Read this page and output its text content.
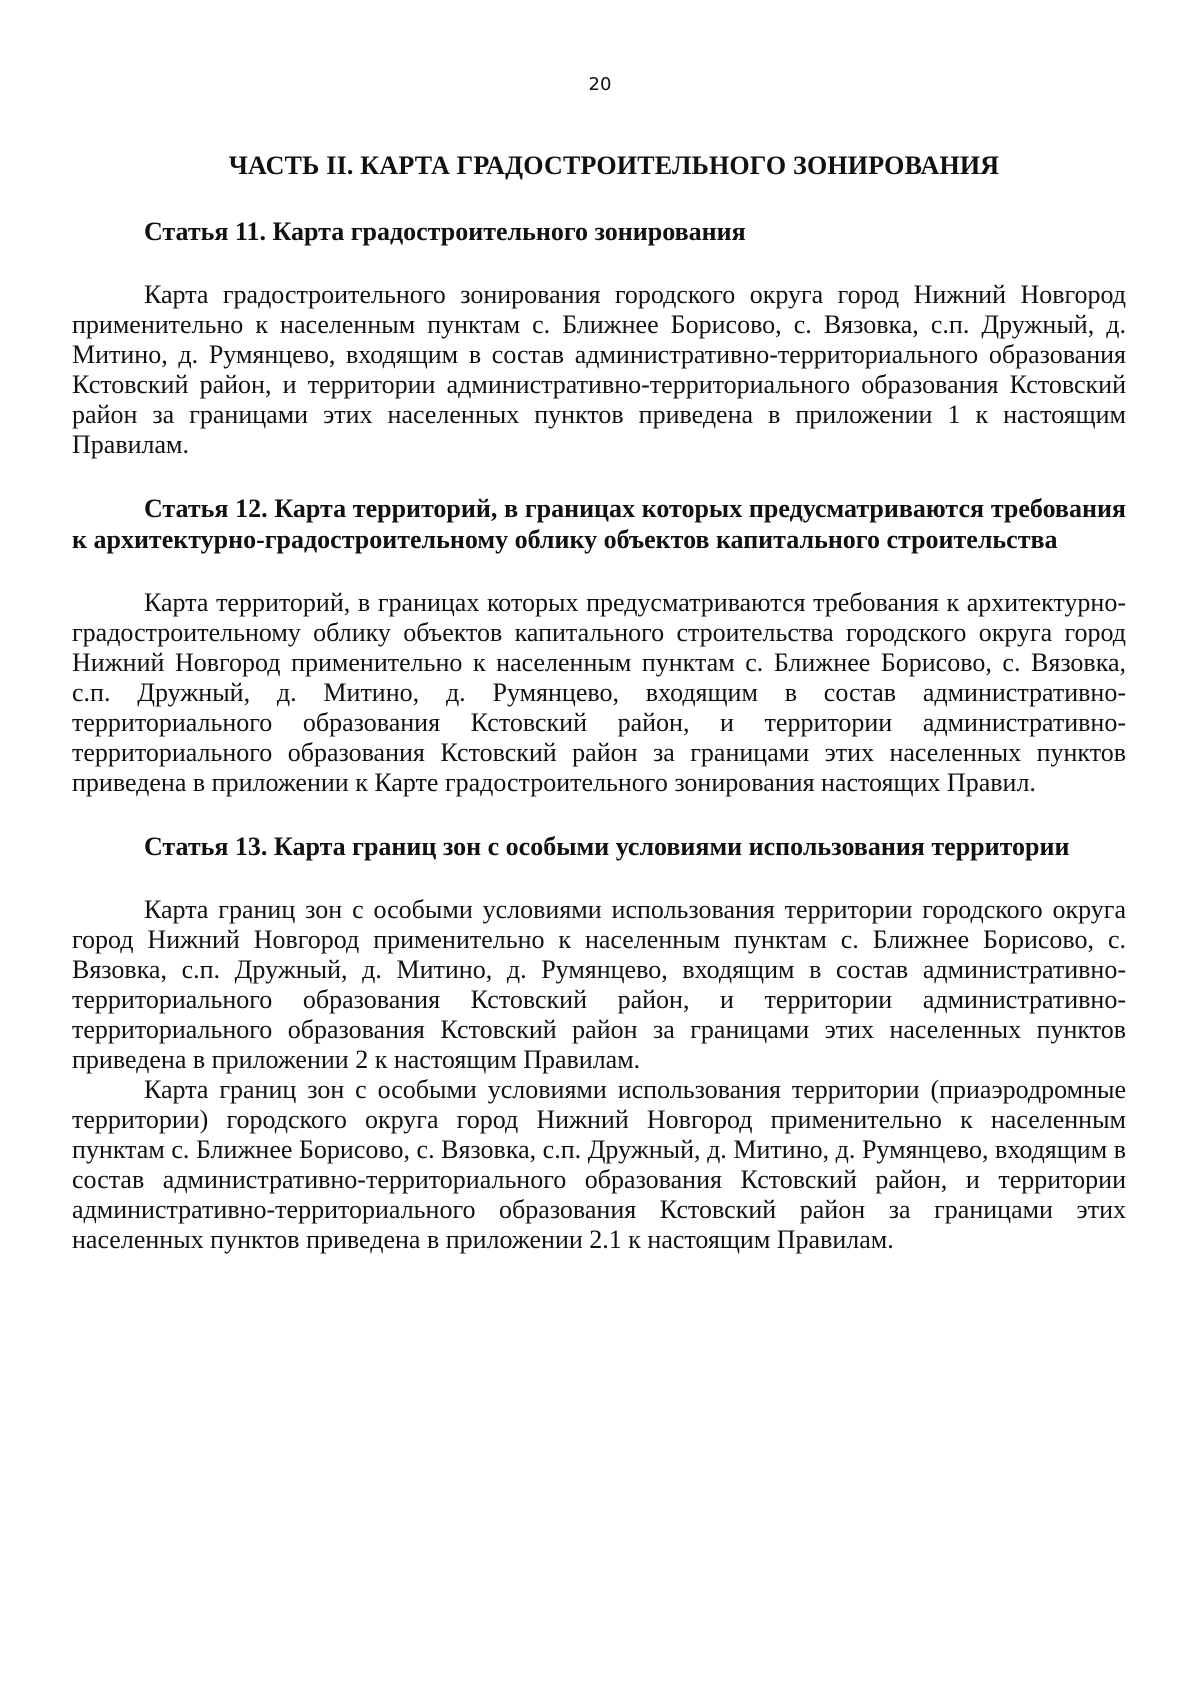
20
ЧАСТЬ II. КАРТА ГРАДОСТРОИТЕЛЬНОГО ЗОНИРОВАНИЯ
Статья 11. Карта градостроительного зонирования

Карта градостроительного зонирования городского округа город Нижний Новгород применительно к населенным пунктам с. Ближнее Борисово, с. Вязовка, с.п. Дружный, д. Митино, д. Румянцево, входящим в состав административно-территориального образования Кстовский район, и территории административно-территориального образования Кстовский район за границами этих населенных пунктов приведена в приложении 1 к настоящим Правилам.

Статья 12. Карта территорий, в границах которых предусматриваются требования к архитектурно-градостроительному облику объектов капитального строительства

Карта территорий, в границах которых предусматриваются требования к архитектурно-градостроительному облику объектов капитального строительства городского округа город Нижний Новгород применительно к населенным пунктам с. Ближнее Борисово, с. Вязовка, с.п. Дружный, д. Митино, д. Румянцево, входящим в состав административно-территориального образования Кстовский район, и территории административно-территориального образования Кстовский район за границами этих населенных пунктов приведена в приложении к Карте градостроительного зонирования настоящих Правил.

Статья 13. Карта границ зон с особыми условиями использования территории

Карта границ зон с особыми условиями использования территории городского округа город Нижний Новгород применительно к населенным пунктам с. Ближнее Борисово, с. Вязовка, с.п. Дружный, д. Митино, д. Румянцево, входящим в состав административно-территориального образования Кстовский район, и территории административно-территориального образования Кстовский район за границами этих населенных пунктов приведена в приложении 2 к настоящим Правилам.

Карта границ зон с особыми условиями использования территории (приаэродромные территории) городского округа город Нижний Новгород применительно к населенным пунктам с. Ближнее Борисово, с. Вязовка, с.п. Дружный, д. Митино, д. Румянцево, входящим в состав административно-территориального образования Кстовский район, и территории административно-территориального образования Кстовский район за границами этих населенных пунктов приведена в приложении 2.1 к настоящим Правилам.
